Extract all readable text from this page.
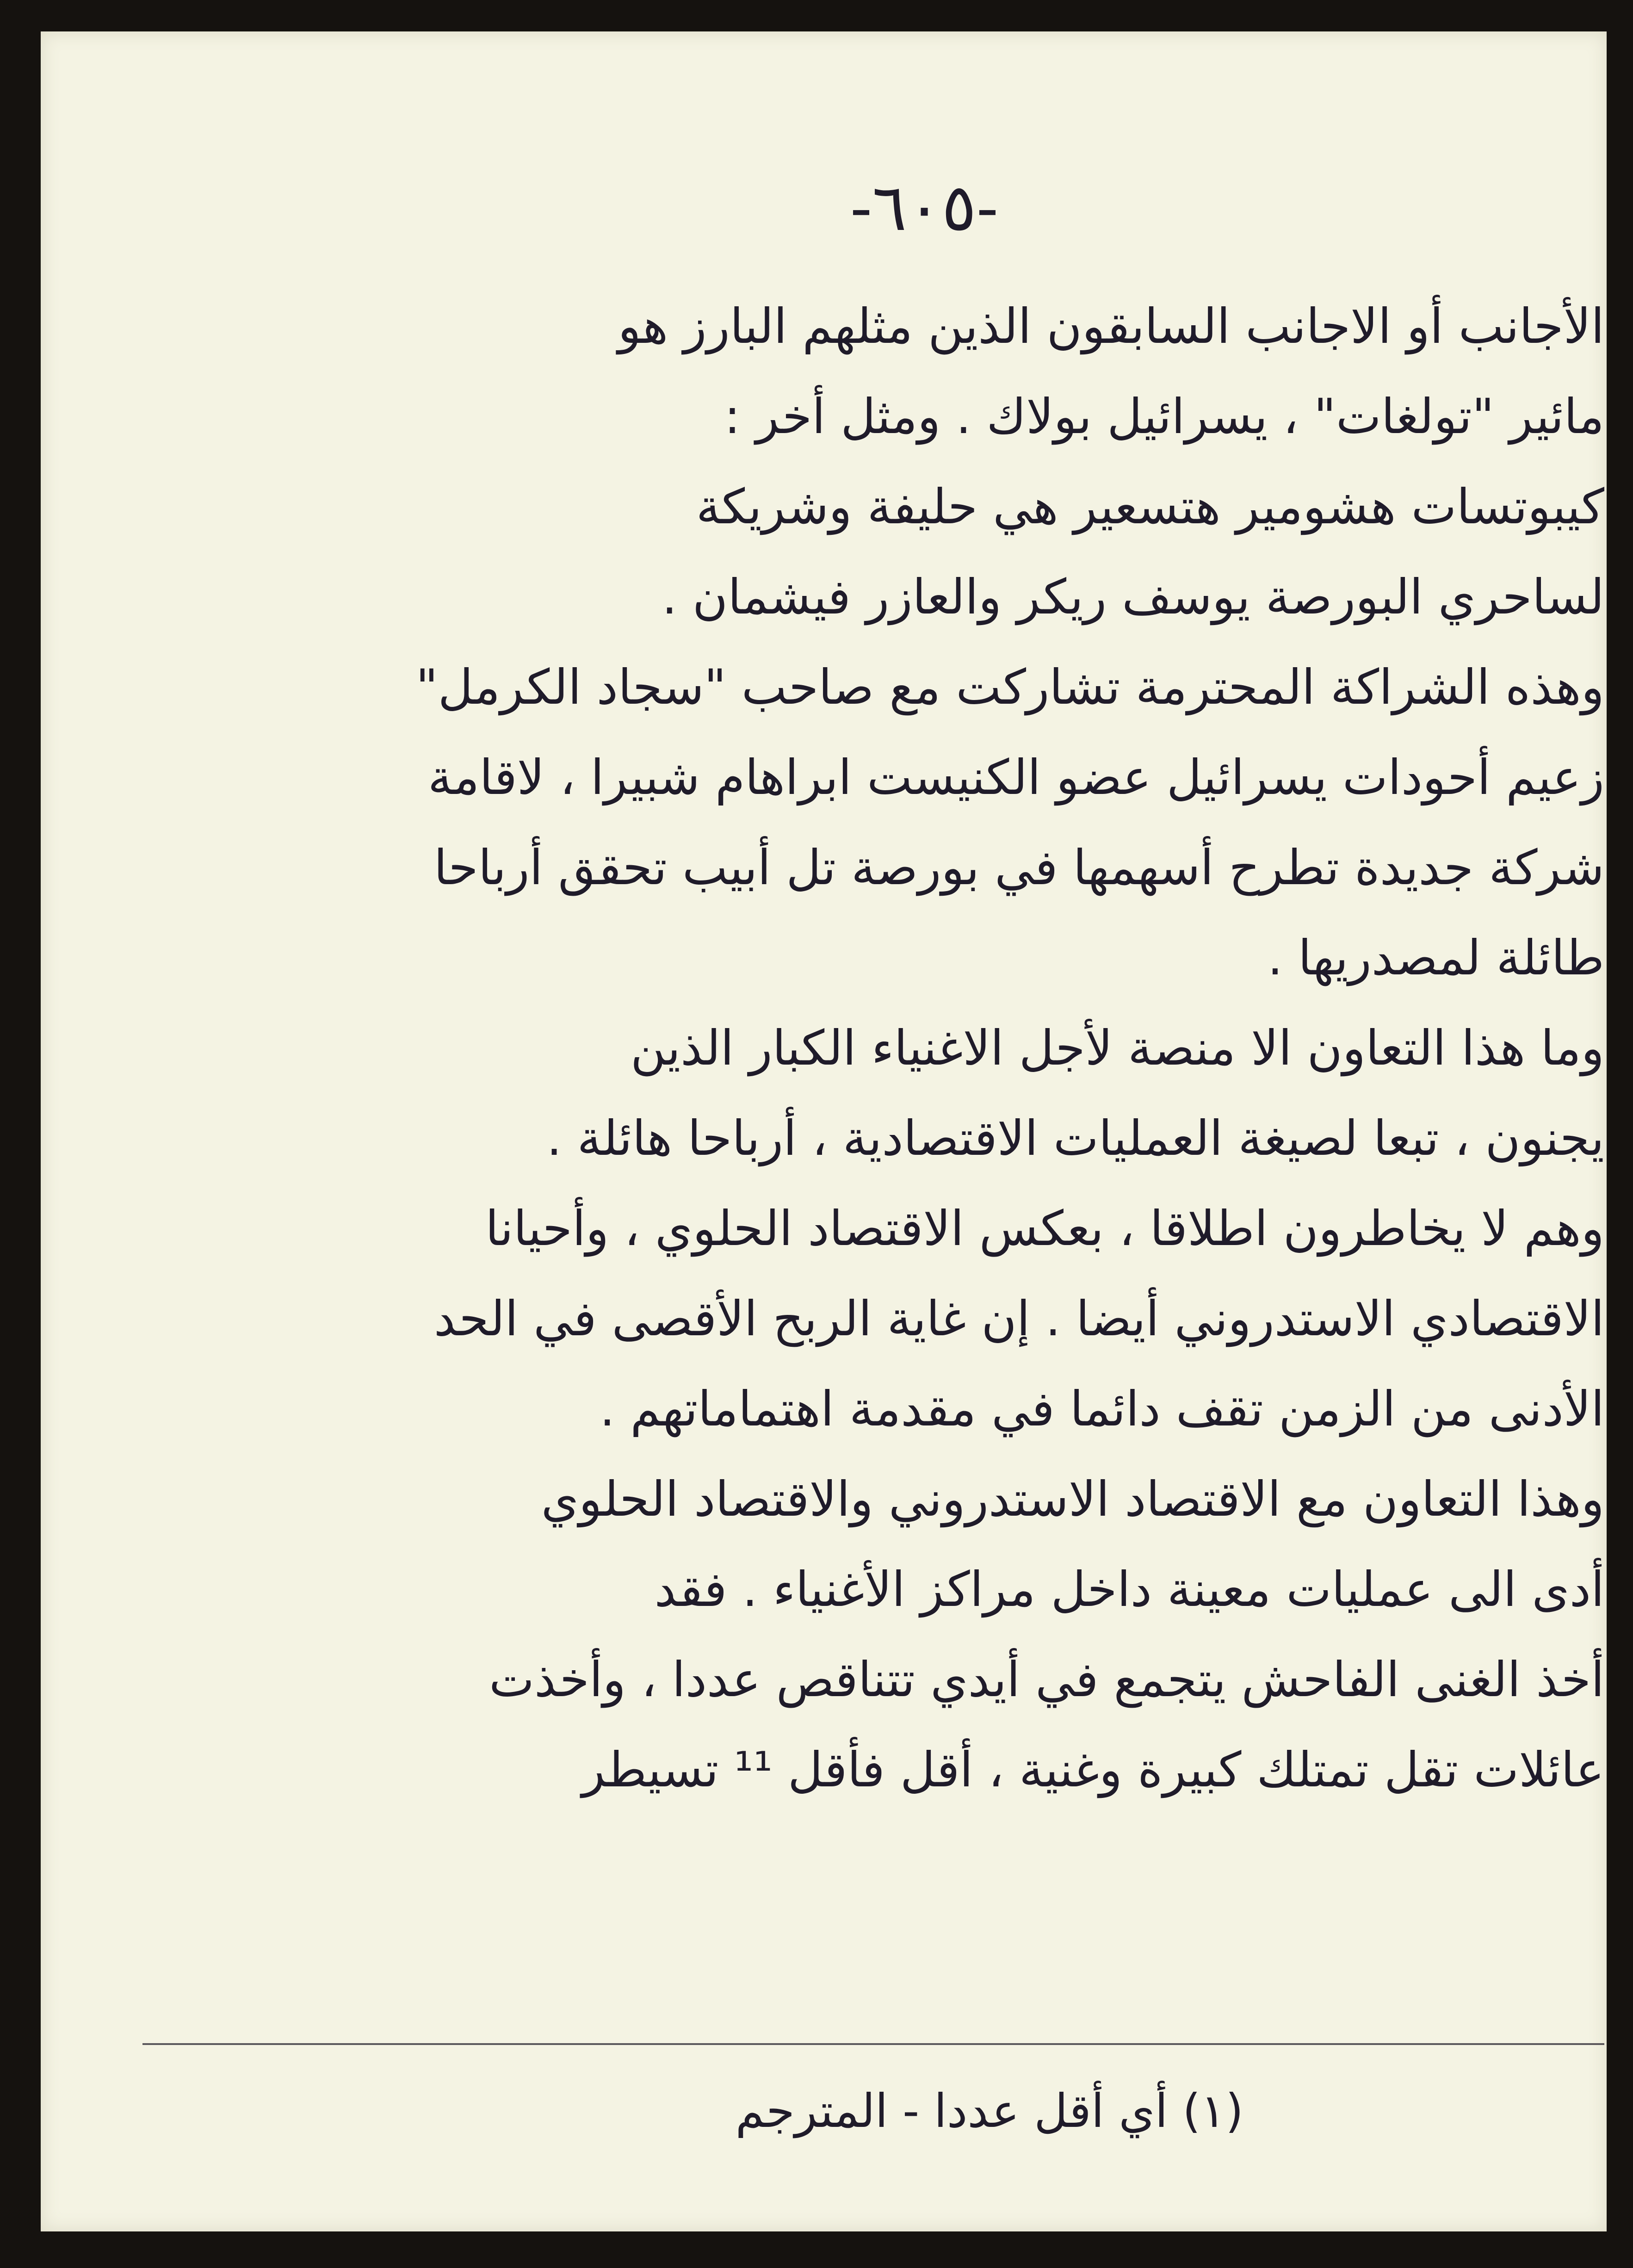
-٦٠٥-
الأجانب أو الاجانب السابقون الذين مثلهم البارز هو
مائير "تولغات" ، يسرائيل بولاك . ومثل أخر :
كيبوتسات هشومير هتسعير هي حليفة وشريكة
لساحري البورصة يوسف ريكر والعازر فيشمان .
وهذه الشراكة المحترمة تشاركت مع صاحب "سجاد الكرمل"
زعيم أحودات يسرائيل عضو الكنيست ابراهام شبيرا ، لاقامة
شركة جديدة تطرح أسهمها في بورصة تل أبيب تحقق أرباحا
طائلة لمصدريها .
وما هذا التعاون الا منصة لأجل الاغنياء الكبار الذين
يجنون ، تبعا لصيغة العمليات الاقتصادية ، أرباحا هائلة .
وهم لا يخاطرون اطلاقا ، بعكس الاقتصاد الحلوي ، وأحيانا
الاقتصادي الاستدروني أيضا . إن غاية الربح الأقصى في الحد
الأدنى من الزمن تقف دائما في مقدمة اهتماماتهم .
وهذا التعاون مع الاقتصاد الاستدروني والاقتصاد الحلوي
أدى الى عمليات معينة داخل مراكز الأغنياء . فقد
أخذ الغنى الفاحش يتجمع في أيدي تتناقص عددا ، وأخذت
عائلات تقل تمتلك كبيرة وغنية ، أقل فأقل ¹¹ تسيطر
(١) أي أقل عددا - المترجم
